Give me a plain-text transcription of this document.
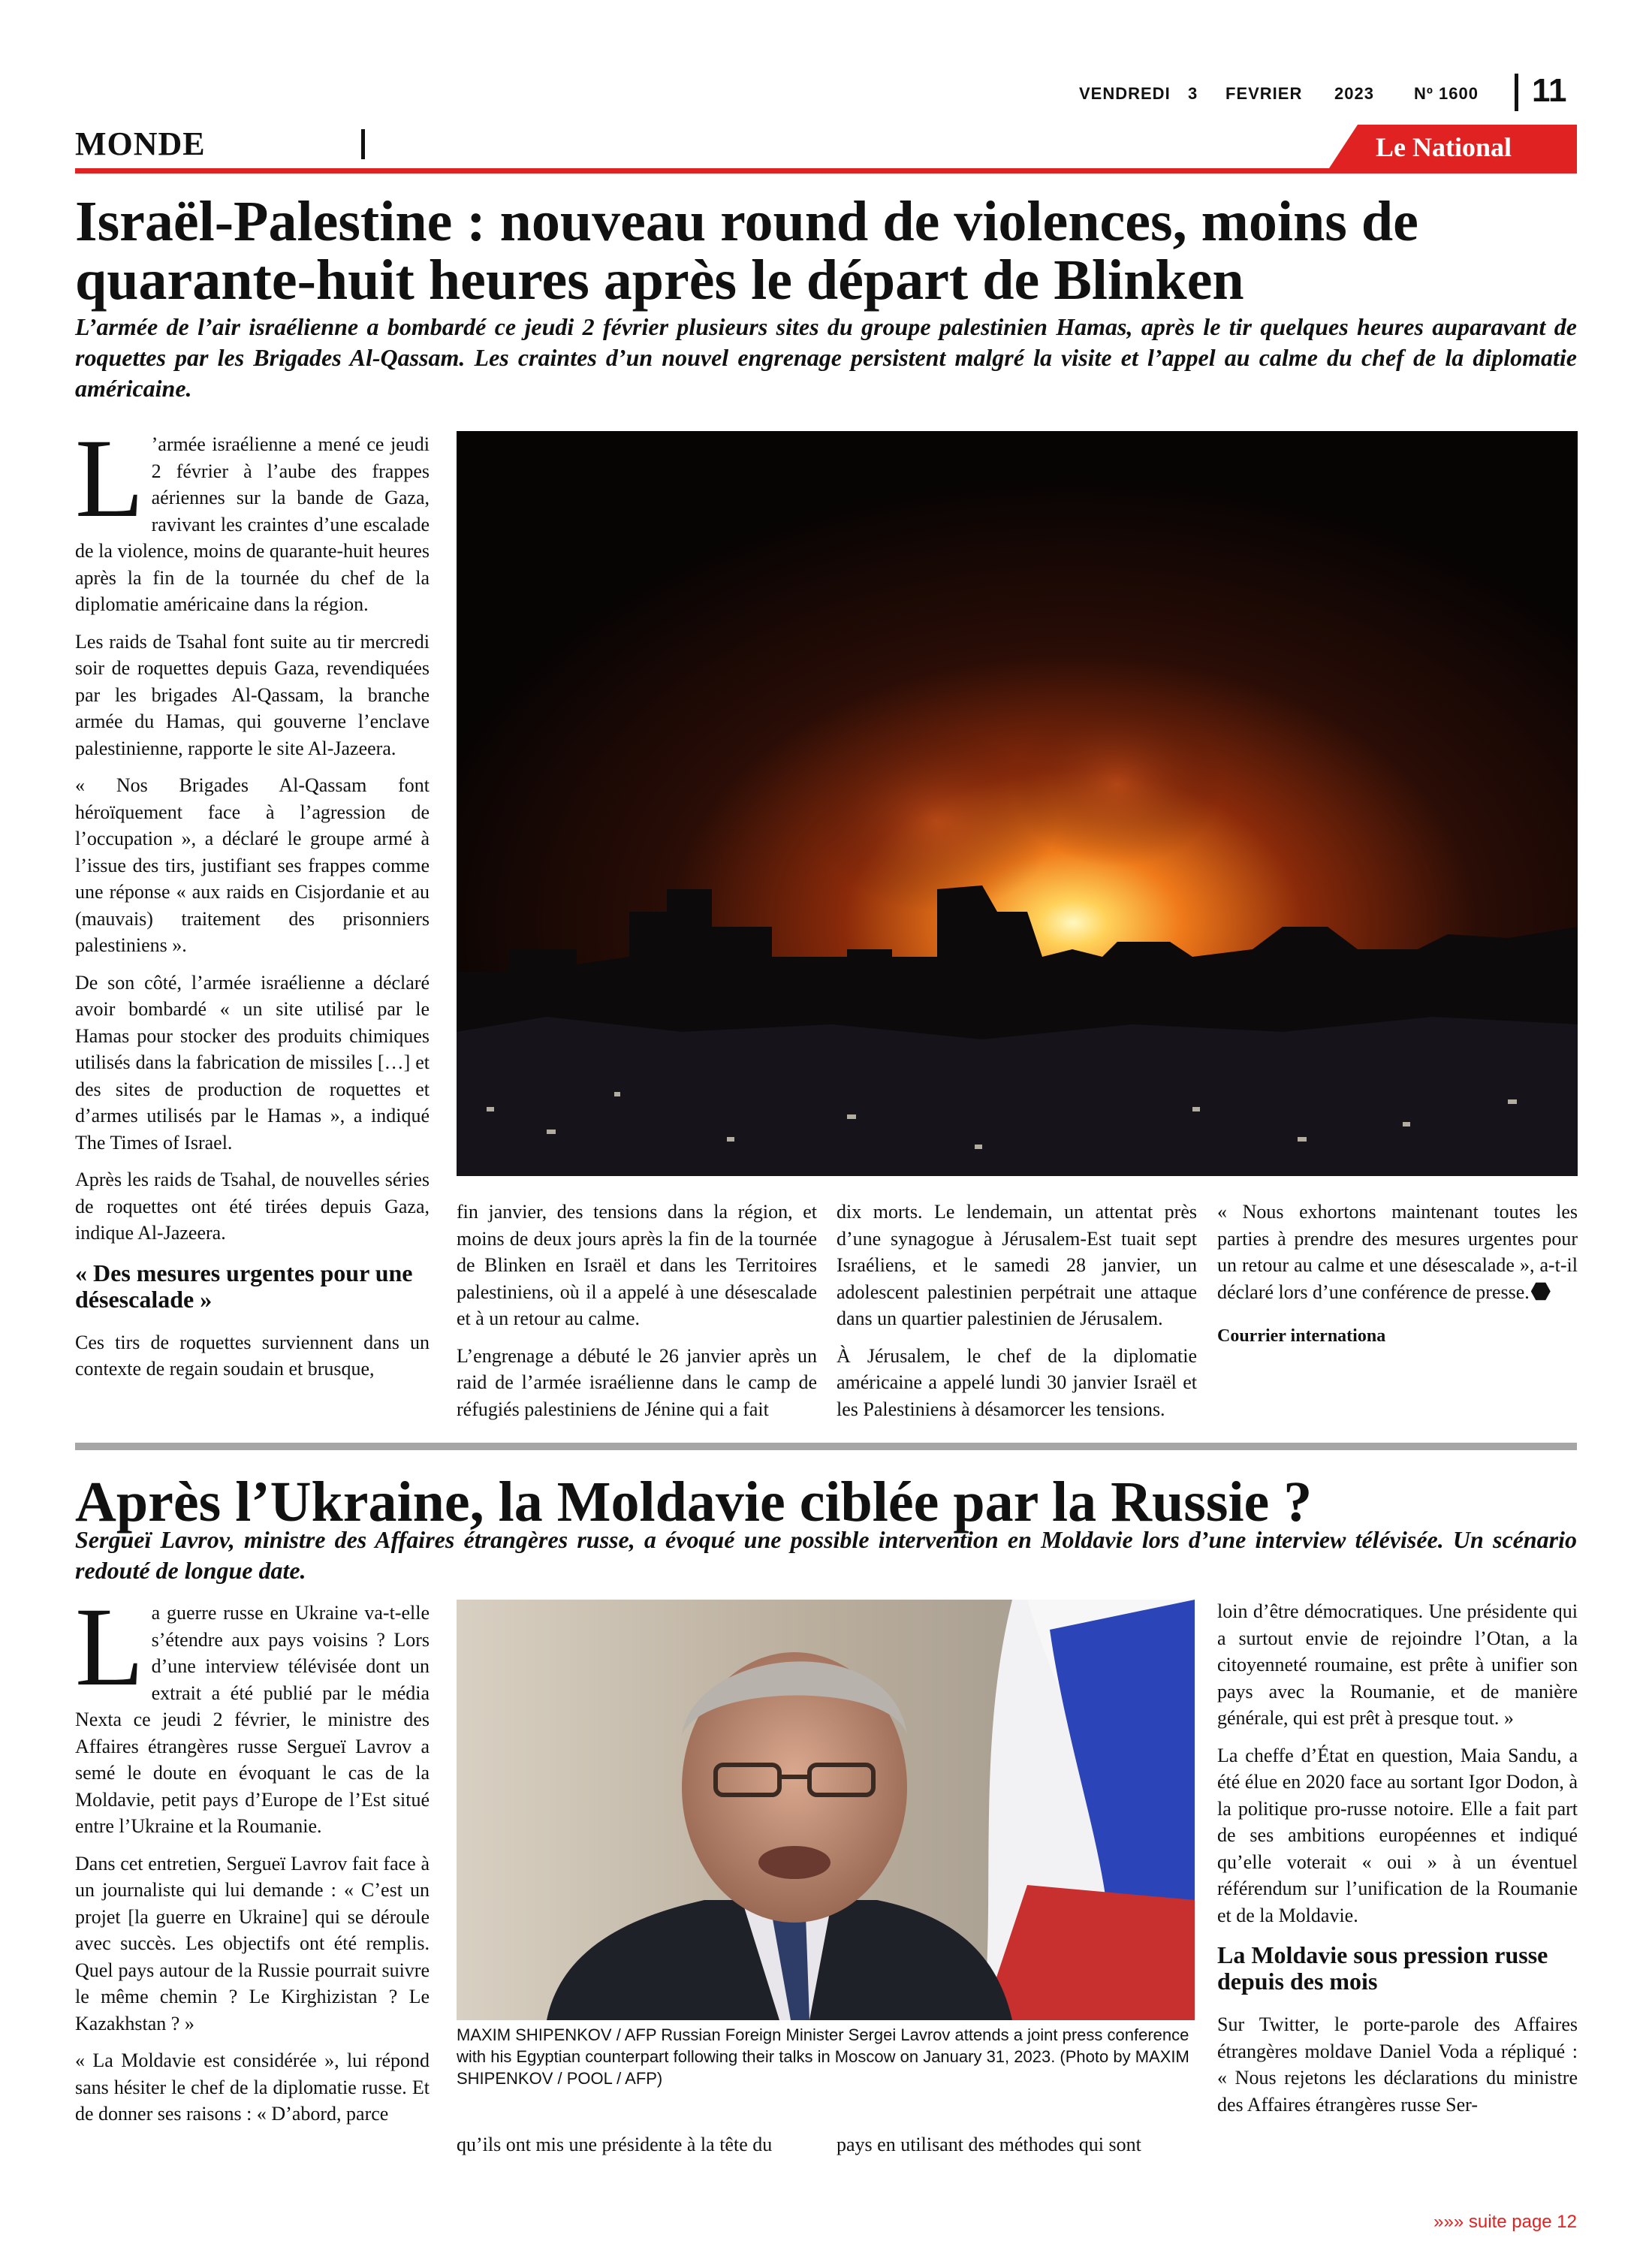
VENDREDI 3 FEVRIER 2023 Nº 1600 11
MONDE	Le National
Israël-Palestine : nouveau round de violences, moins de quarante-huit heures après le départ de Blinken
L’armée de l’air israélienne a bombardé ce jeudi 2 février plusieurs sites du groupe palestinien Hamas, après le tir quelques heures auparavant de roquettes par les Brigades Al-Qassam. Les craintes d’un nouvel engrenage persistent malgré la visite et l’appel au calme du chef de la diplomatie américaine.

L ’armée israélienne a mené ce jeudi 2 février à l’aube des frappes aériennes sur la bande de Gaza, ravivant les craintes d’une escalade de la violence, moins de quarante-huit heures après la fin de la tournée du chef de la diplomatie américaine dans la région.

Les raids de Tsahal font suite au tir mercredi soir de roquettes depuis Gaza, revendiquées par les brigades Al-Qassam, la branche armée du Hamas, qui gouverne l’enclave palestinienne, rapporte le site Al-Jazeera.

« Nos Brigades Al-Qassam font héroïquement face à l’agression de l’occupation », a déclaré le groupe armé à l’issue des tirs, justifiant ses frappes comme une réponse « aux raids en Cisjordanie et au (mauvais) traitement des prisonniers palestiniens ».

De son côté, l’armée israélienne a déclaré avoir bombardé « un site utilisé par le Hamas pour stocker des produits chimiques utilisés dans la fabrication de missiles […] et des sites de production de roquettes et d’armes utilisés par le Hamas », a indiqué The Times of Israel.

Après les raids de Tsahal, de nouvelles séries de roquettes ont été tirées depuis Gaza, indique Al-Jazeera.

« Des mesures urgentes pour une désescalade »

Ces tirs de roquettes surviennent dans un contexte de regain soudain et brusque,

fin janvier, des tensions dans la région, et moins de deux jours après la fin de la tournée de Blinken en Israël et dans les Territoires palestiniens, où il a appelé à une désescalade et à un retour au calme.

L’engrenage a débuté le 26 janvier après un raid de l’armée israélienne dans le camp de réfugiés palestiniens de Jénine qui a fait

dix morts. Le lendemain, un attentat près d’une synagogue à Jérusalem-Est tuait sept Israéliens, et le samedi 28 janvier, un adolescent palestinien perpétrait une attaque dans un quartier palestinien de Jérusalem.

À Jérusalem, le chef de la diplomatie américaine a appelé lundi 30 janvier Israël et les Palestiniens à désamorcer les tensions.

« Nous exhortons maintenant toutes les parties à prendre des mesures urgentes pour un retour au calme et une désescalade », a-t-il déclaré lors d’une conférence de presse.

Courrier internationa
Après l’Ukraine, la Moldavie ciblée par la Russie ?
Sergueï Lavrov, ministre des Affaires étrangères russe, a évoqué une possible intervention en Moldavie lors d’une interview télévisée. Un scénario redouté de longue date.

La guerre russe en Ukraine va-t-elle s’étendre aux pays voisins ? Lors d’une interview télévisée dont un extrait a été publié par le média Nexta ce jeudi 2 février, le ministre des Affaires étrangères russe Sergueï Lavrov a semé le doute en évoquant le cas de la Moldavie, petit pays d’Europe de l’Est situé entre l’Ukraine et la Roumanie.

Dans cet entretien, Sergueï Lavrov fait face à un journaliste qui lui demande : « C’est un projet [la guerre en Ukraine] qui se déroule avec succès. Les objectifs ont été remplis. Quel pays autour de la Russie pourrait suivre le même chemin ? Le Kirghizistan ? Le Kazakhstan ? »

« La Moldavie est considérée », lui répond sans hésiter le chef de la diplomatie russe. Et de donner ses raisons : « D’abord, parce

MAXIM SHIPENKOV / AFP Russian Foreign Minister Sergei Lavrov attends a joint press conference with his Egyptian counterpart following their talks in Moscow on January 31, 2023. (Photo by MAXIM SHIPENKOV / POOL / AFP)

qu’ils ont mis une présidente à la tête du	pays en utilisant des méthodes qui sont

loin d’être démocratiques. Une présidente qui a surtout envie de rejoindre l’Otan, a la citoyenneté roumaine, est prête à unifier son pays avec la Roumanie, et de manière générale, qui est prêt à presque tout. »

La cheffe d’État en question, Maia Sandu, a été élue en 2020 face au sortant Igor Dodon, à la politique pro-russe notoire. Elle a fait part de ses ambitions européennes et indiqué qu’elle voterait « oui » à un éventuel référendum sur l’unification de la Roumanie et de la Moldavie.

La Moldavie sous pression russe depuis des mois

Sur Twitter, le porte-parole des Affaires étrangères moldave Daniel Voda a répliqué : « Nous rejetons les déclarations du ministre des Affaires étrangères russe Ser-

»»» suite page 12
